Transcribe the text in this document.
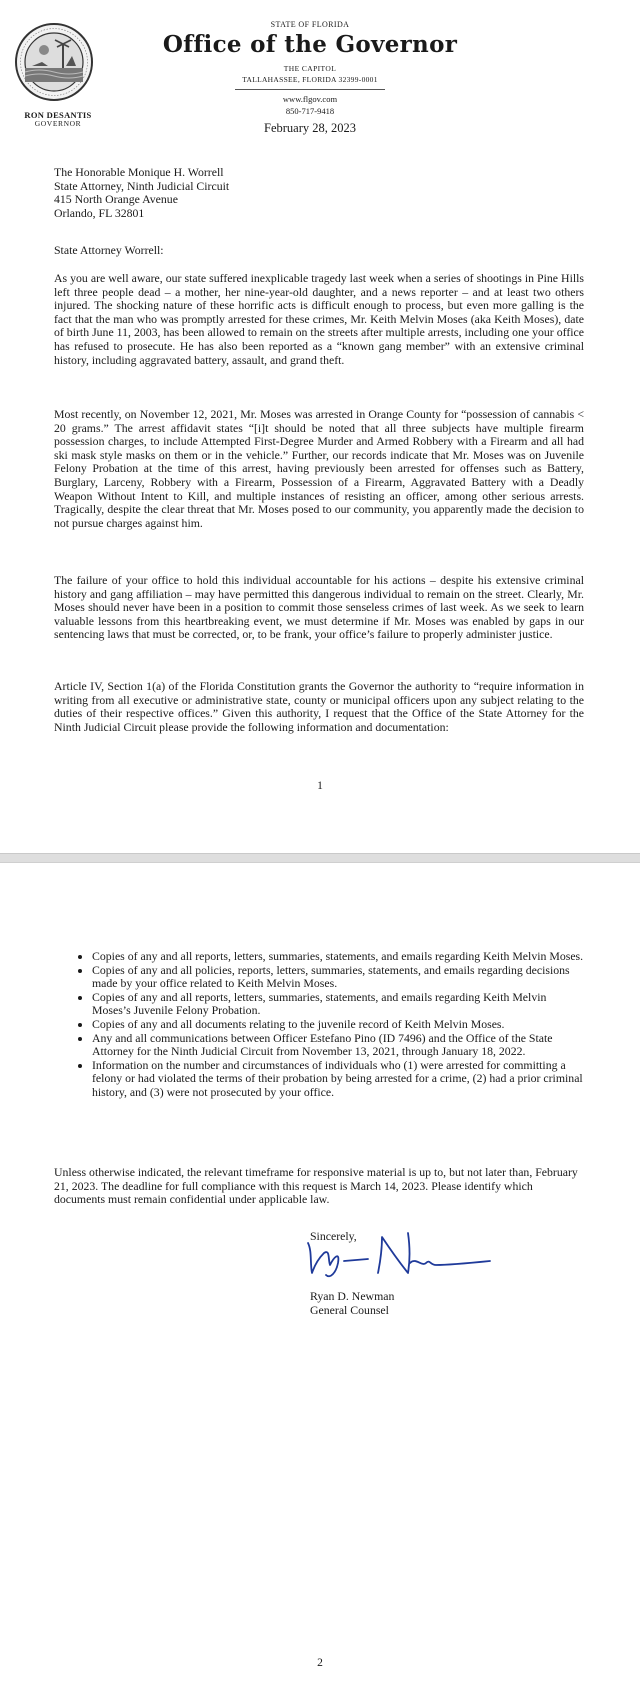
RON DESANTIS
GOVERNOR
STATE OF FLORIDA
Office of the Governor
THE CAPITOL
TALLAHASSEE, FLORIDA 32399-0001
www.flgov.com
850-717-9418
February 28, 2023
The Honorable Monique H. Worrell
State Attorney, Ninth Judicial Circuit
415 North Orange Avenue
Orlando, FL 32801
State Attorney Worrell:
As you are well aware, our state suffered inexplicable tragedy last week when a series of shootings in Pine Hills left three people dead – a mother, her nine-year-old daughter, and a news reporter – and at least two others injured. The shocking nature of these horrific acts is difficult enough to process, but even more galling is the fact that the man who was promptly arrested for these crimes, Mr. Keith Melvin Moses (aka Keith Moses), date of birth June 11, 2003, has been allowed to remain on the streets after multiple arrests, including one your office has refused to prosecute. He has also been reported as a “known gang member” with an extensive criminal history, including aggravated battery, assault, and grand theft.
Most recently, on November 12, 2021, Mr. Moses was arrested in Orange County for “possession of cannabis < 20 grams.” The arrest affidavit states “[i]t should be noted that all three subjects have multiple firearm possession charges, to include Attempted First-Degree Murder and Armed Robbery with a Firearm and all had ski mask style masks on them or in the vehicle.” Further, our records indicate that Mr. Moses was on Juvenile Felony Probation at the time of this arrest, having previously been arrested for offenses such as Battery, Burglary, Larceny, Robbery with a Firearm, Possession of a Firearm, Aggravated Battery with a Deadly Weapon Without Intent to Kill, and multiple instances of resisting an officer, among other serious arrests. Tragically, despite the clear threat that Mr. Moses posed to our community, you apparently made the decision to not pursue charges against him.
The failure of your office to hold this individual accountable for his actions – despite his extensive criminal history and gang affiliation – may have permitted this dangerous individual to remain on the street. Clearly, Mr. Moses should never have been in a position to commit those senseless crimes of last week. As we seek to learn valuable lessons from this heartbreaking event, we must determine if Mr. Moses was enabled by gaps in our sentencing laws that must be corrected, or, to be frank, your office’s failure to properly administer justice.
Article IV, Section 1(a) of the Florida Constitution grants the Governor the authority to “require information in writing from all executive or administrative state, county or municipal officers upon any subject relating to the duties of their respective offices.” Given this authority, I request that the Office of the State Attorney for the Ninth Judicial Circuit please provide the following information and documentation:
1
• Copies of any and all reports, letters, summaries, statements, and emails regarding Keith Melvin Moses.
• Copies of any and all policies, reports, letters, summaries, statements, and emails regarding decisions made by your office related to Keith Melvin Moses.
• Copies of any and all reports, letters, summaries, statements, and emails regarding Keith Melvin Moses’s Juvenile Felony Probation.
• Copies of any and all documents relating to the juvenile record of Keith Melvin Moses.
• Any and all communications between Officer Estefano Pino (ID 7496) and the Office of the State Attorney for the Ninth Judicial Circuit from November 13, 2021, through January 18, 2022.
• Information on the number and circumstances of individuals who (1) were arrested for committing a felony or had violated the terms of their probation by being arrested for a crime, (2) had a prior criminal history, and (3) were not prosecuted by your office.
Unless otherwise indicated, the relevant timeframe for responsive material is up to, but not later than, February 21, 2023. The deadline for full compliance with this request is March 14, 2023. Please identify which documents must remain confidential under applicable law.
Sincerely,
Ryan D. Newman
General Counsel
2
